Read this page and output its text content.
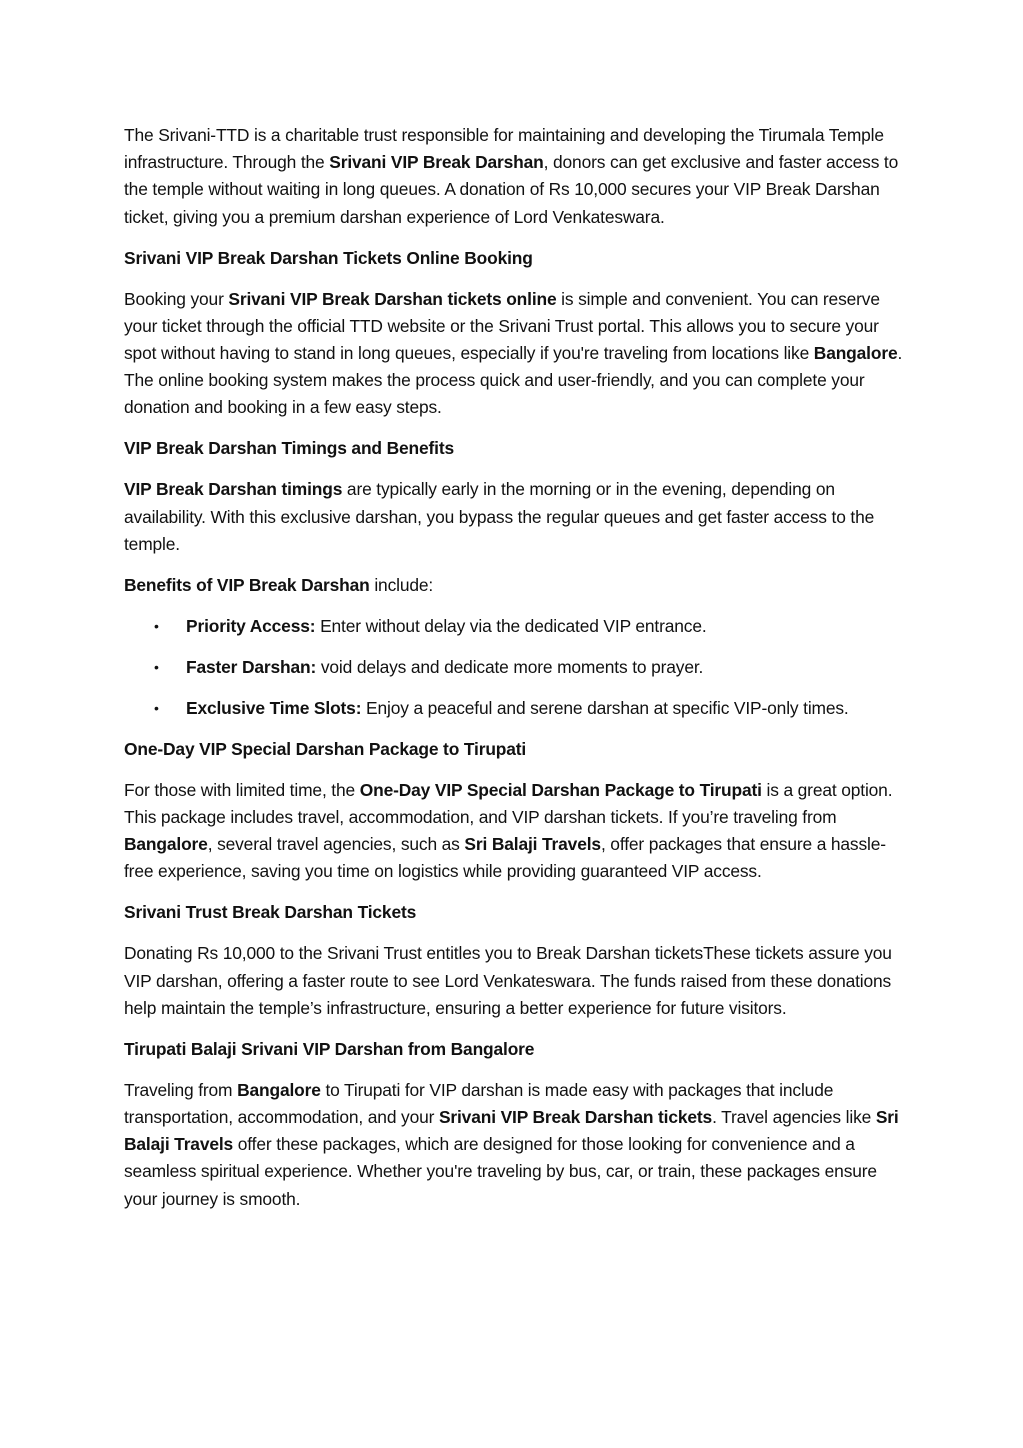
The Srivani-TTD is a charitable trust responsible for maintaining and developing the Tirumala Temple infrastructure. Through the Srivani VIP Break Darshan, donors can get exclusive and faster access to the temple without waiting in long queues. A donation of Rs 10,000 secures your VIP Break Darshan ticket, giving you a premium darshan experience of Lord Venkateswara.

Srivani VIP Break Darshan Tickets Online Booking

Booking your Srivani VIP Break Darshan tickets online is simple and convenient. You can reserve your ticket through the official TTD website or the Srivani Trust portal. This allows you to secure your spot without having to stand in long queues, especially if you're traveling from locations like Bangalore. The online booking system makes the process quick and user-friendly, and you can complete your donation and booking in a few easy steps.

VIP Break Darshan Timings and Benefits

VIP Break Darshan timings are typically early in the morning or in the evening, depending on availability. With this exclusive darshan, you bypass the regular queues and get faster access to the temple.

Benefits of VIP Break Darshan include:

• Priority Access: Enter without delay via the dedicated VIP entrance.
• Faster Darshan: void delays and dedicate more moments to prayer.
• Exclusive Time Slots: Enjoy a peaceful and serene darshan at specific VIP-only times.
One-Day VIP Special Darshan Package to Tirupati

For those with limited time, the One-Day VIP Special Darshan Package to Tirupati is a great option. This package includes travel, accommodation, and VIP darshan tickets. If you’re traveling from Bangalore, several travel agencies, such as Sri Balaji Travels, offer packages that ensure a hassle-free experience, saving you time on logistics while providing guaranteed VIP access.

Srivani Trust Break Darshan Tickets

Donating Rs 10,000 to the Srivani Trust entitles you to Break Darshan ticketsThese tickets assure you VIP darshan, offering a faster route to see Lord Venkateswara. The funds raised from these donations help maintain the temple’s infrastructure, ensuring a better experience for future visitors.

Tirupati Balaji Srivani VIP Darshan from Bangalore

Traveling from Bangalore to Tirupati for VIP darshan is made easy with packages that include transportation, accommodation, and your Srivani VIP Break Darshan tickets. Travel agencies like Sri Balaji Travels offer these packages, which are designed for those looking for convenience and a seamless spiritual experience. Whether you're traveling by bus, car, or train, these packages ensure your journey is smooth.
